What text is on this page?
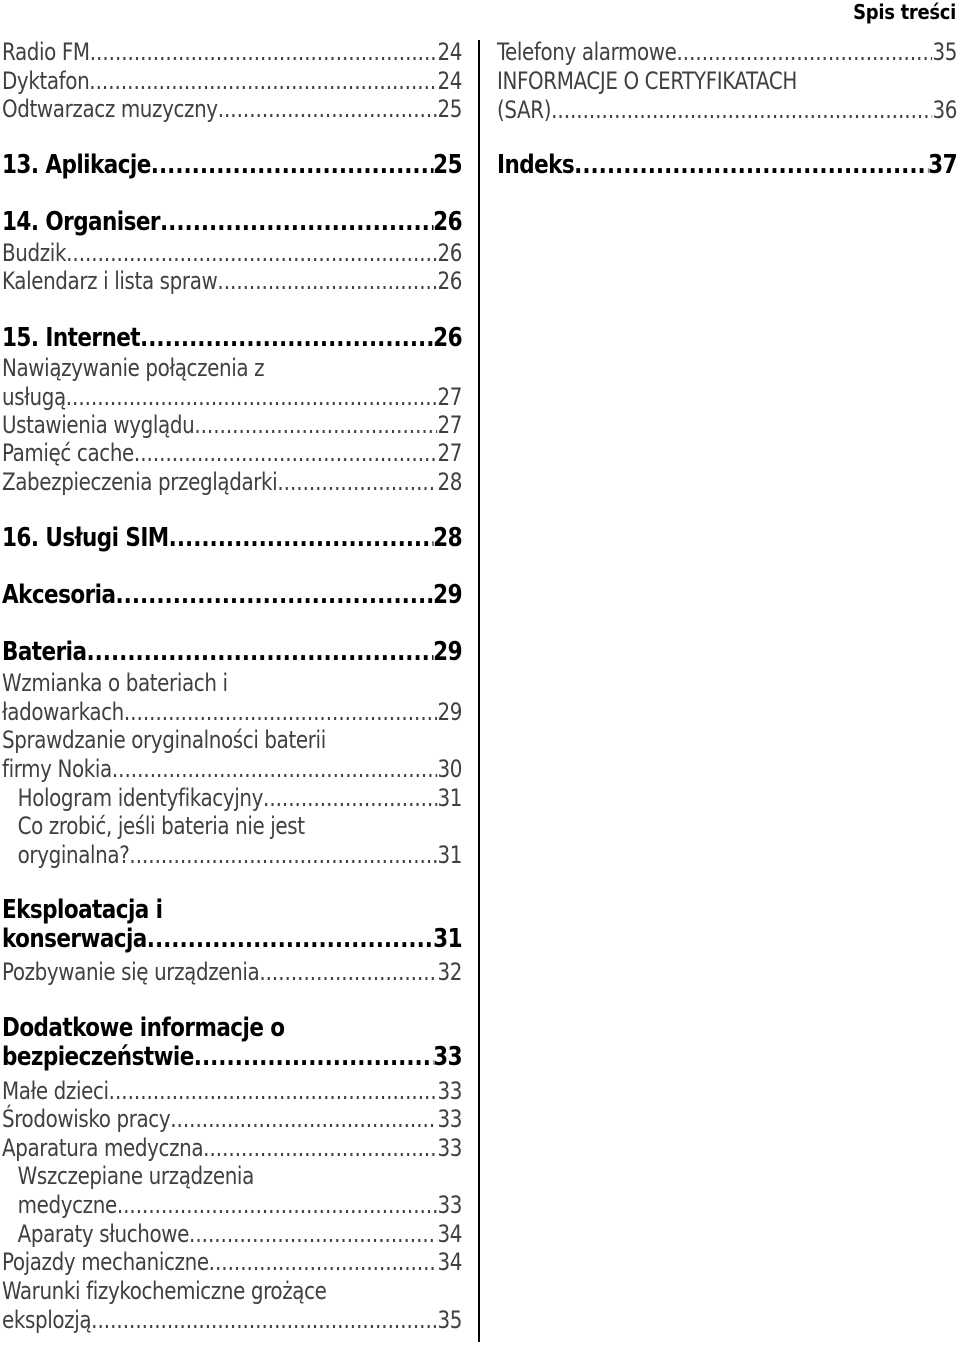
Spis treści
Radio FM .....	24
Dyktafon .....	24
Odtwarzacz muzyczny .....	25
13. Aplikacje .....	25
14. Organiser .....	26
Budzik .....	26
Kalendarz i lista spraw .....	26
15. Internet .....	26
Nawiązywanie połączenia z
usługą .....	27
Ustawienia wyglądu .....	27
Pamięć cache .....	27
Zabezpieczenia przeglądarki .....	28
16. Usługi SIM .....	28
Akcesoria .....	29
Bateria .....	29
Wzmianka o bateriach i
ładowarkach .....	29
Sprawdzanie oryginalności baterii
firmy Nokia .....	30
Hologram identyfikacyjny .....	31
Co zrobić, jeśli bateria nie jest
oryginalna? .....	31
Eksploatacja i
konserwacja .....	31
Pozbywanie się urządzenia .....	32
Dodatkowe informacje o
bezpieczeństwie .....	33
Małe dzieci .....	33
Środowisko pracy .....	33
Aparatura medyczna .....	33
Wszczepiane urządzenia
medyczne .....	33
Aparaty słuchowe .....	34
Pojazdy mechaniczne .....	34
Warunki fizykochemiczne grożące
eksplozją .....	35
Telefony alarmowe .....	35
INFORMACJE O CERTYFIKATACH
(SAR) .....	36
Indeks .....	37
